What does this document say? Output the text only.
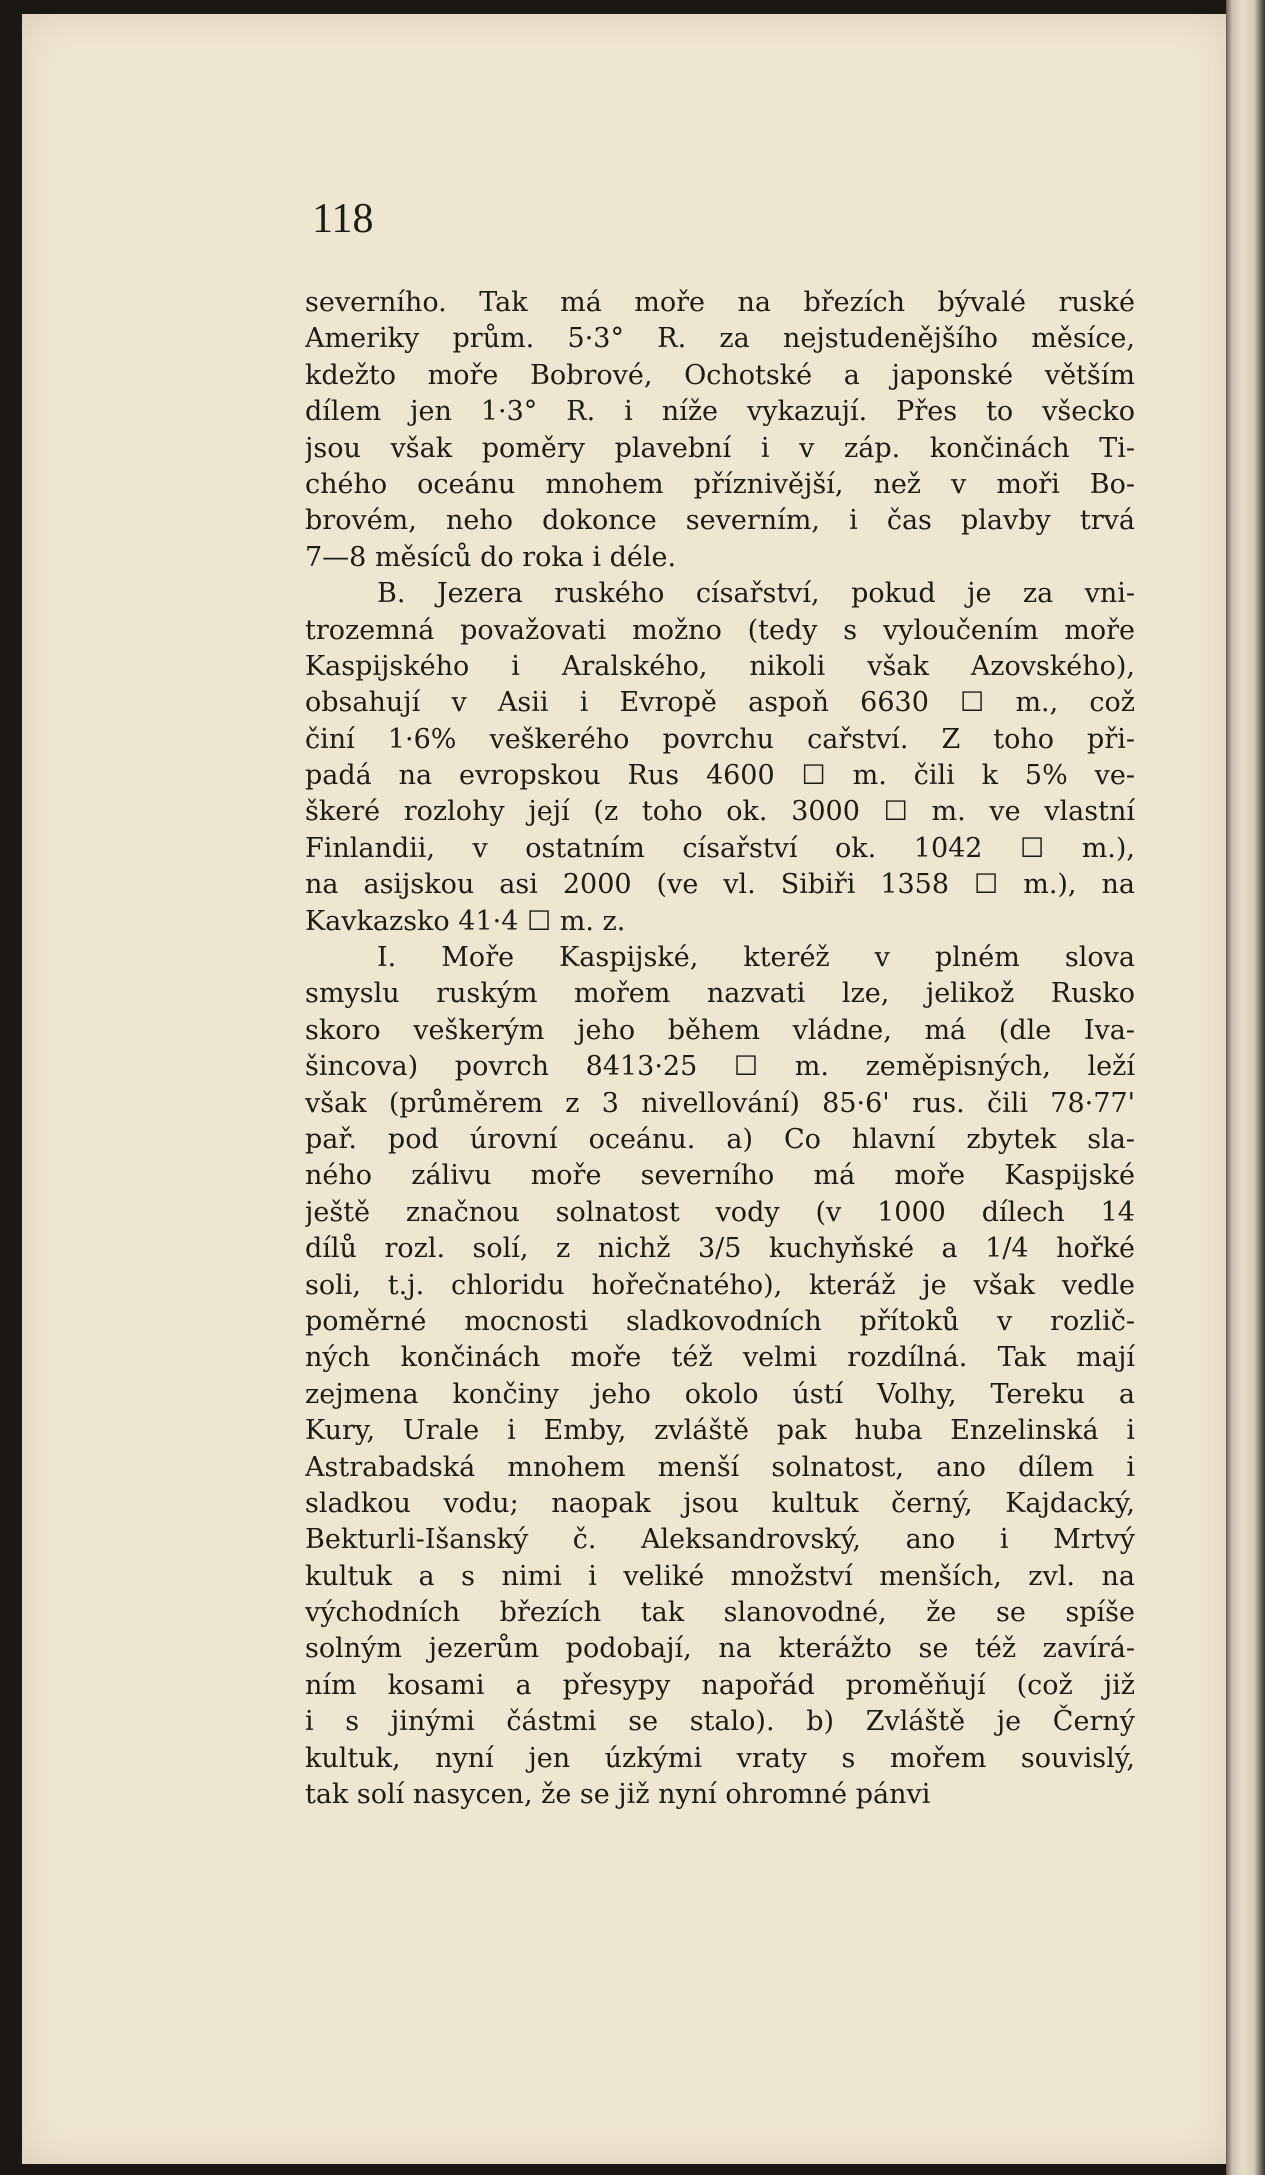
118
severního. Tak má moře na březích bývalé ruské
Ameriky prům. 5·3° R. za nejstudenějšího měsíce,
kdežto moře Bobrové, Ochotské a japonské větším
dílem jen 1·3° R. i níže vykazují. Přes to všecko
jsou však poměry plavební i v záp. končinách Ti-
chého oceánu mnohem příznivější, než v moři Bo-
brovém, neho dokonce severním, i čas plavby trvá
7—8 měsíců do roka i déle.
B. Jezera ruského císařství, pokud je za vni-
trozemná považovati možno (tedy s vyloučením moře
Kaspijského i Aralského, nikoli však Azovského),
obsahují v Asii i Evropě aspoň 6630 ☐ m., což
činí 1·6% veškerého povrchu cařství. Z toho při-
padá na evropskou Rus 4600 ☐ m. čili k 5% ve-
škeré rozlohy její (z toho ok. 3000 ☐ m. ve vlastní
Finlandii, v ostatním císařství ok. 1042 ☐ m.),
na asijskou asi 2000 (ve vl. Sibiři 1358 ☐ m.), na
Kavkazsko 41·4 ☐ m. z.
I. Moře Kaspijské, kteréž v plném slova
smyslu ruským mořem nazvati lze, jelikož Rusko
skoro veškerým jeho během vládne, má (dle Iva-
šincova) povrch 8413·25 ☐ m. zeměpisných, leží
však (průměrem z 3 nivellování) 85·6' rus. čili 78·77'
pař. pod úrovní oceánu. a) Co hlavní zbytek sla-
ného zálivu moře severního má moře Kaspijské
ještě značnou solnatost vody (v 1000 dílech 14
dílů rozl. solí, z nichž 3/5 kuchyňské a 1/4 hořké
soli, t.j. chloridu hořečnatého), kteráž je však vedle
poměrné mocnosti sladkovodních přítoků v rozlič-
ných končinách moře též velmi rozdílná. Tak mají
zejmena končiny jeho okolo ústí Volhy, Tereku a
Kury, Urale i Emby, zvláště pak huba Enzelinská i
Astrabadská mnohem menší solnatost, ano dílem i
sladkou vodu; naopak jsou kultuk černý, Kajdacký,
Bekturli-Išanský č. Aleksandrovský, ano i Mrtvý
kultuk a s nimi i veliké množství menších, zvl. na
východních březích tak slanovodné, že se spíše
solným jezerům podobají, na kterážto se též zavírá-
ním kosami a přesypy napořád proměňují (což již
i s jinými částmi se stalo). b) Zvláště je Černý
kultuk, nyní jen úzkými vraty s mořem souvislý,
tak solí nasycen, že se již nyní ohromné pánvi
